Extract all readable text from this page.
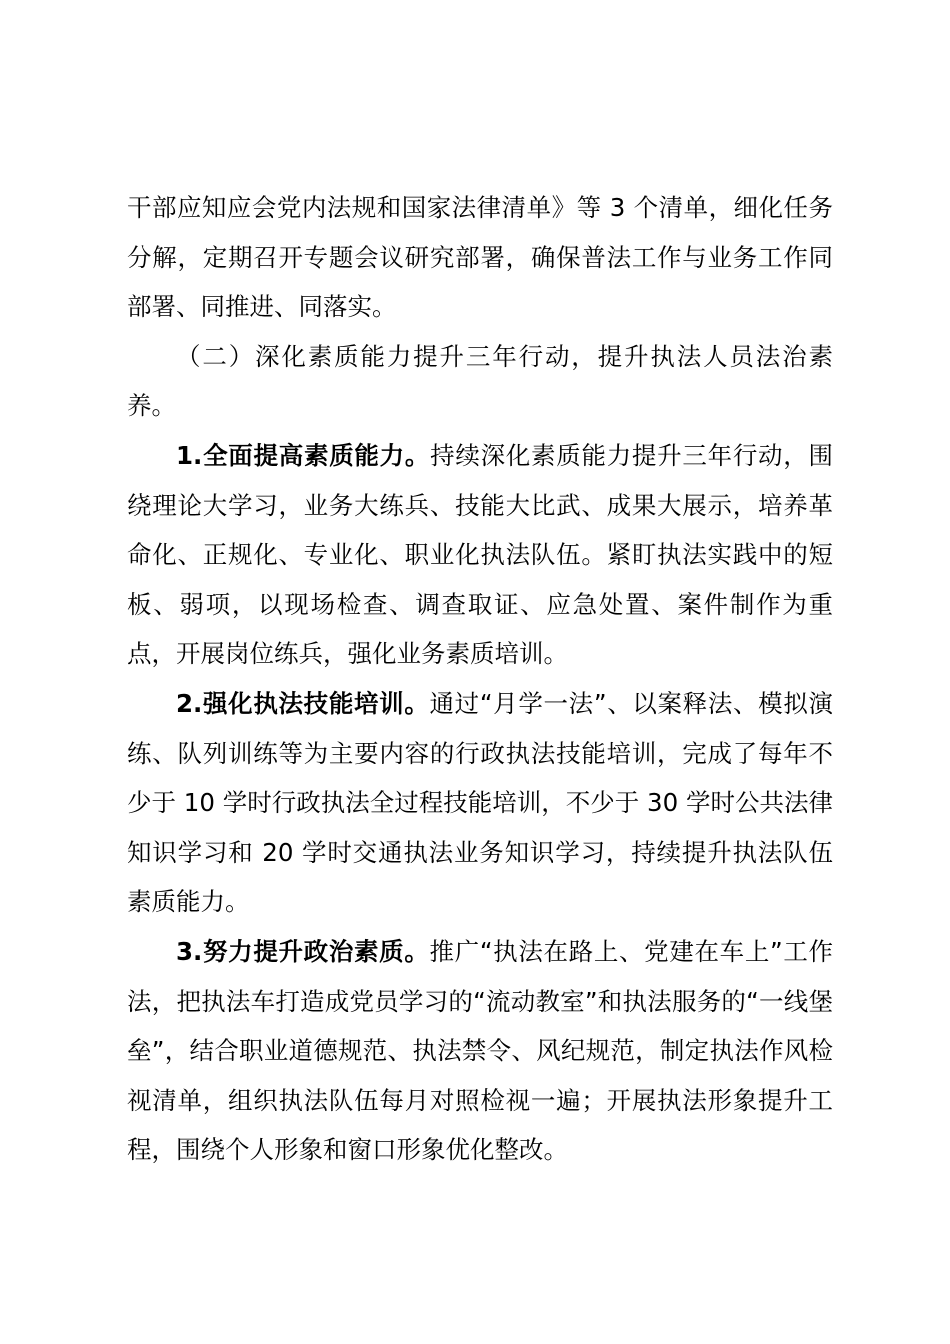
干部应知应会党内法规和国家法律清单》等 3 个清单，细化任务分解，定期召开专题会议研究部署，确保普法工作与业务工作同部署、同推进、同落实。

（二）深化素质能力提升三年行动，提升执法人员法治素养。

1.全面提高素质能力。持续深化素质能力提升三年行动，围绕理论大学习，业务大练兵、技能大比武、成果大展示，培养革命化、正规化、专业化、职业化执法队伍。紧盯执法实践中的短板、弱项，以现场检查、调查取证、应急处置、案件制作为重点，开展岗位练兵，强化业务素质培训。

2.强化执法技能培训。通过“月学一法”、以案释法、模拟演练、队列训练等为主要内容的行政执法技能培训，完成了每年不少于 10 学时行政执法全过程技能培训，不少于 30 学时公共法律知识学习和 20 学时交通执法业务知识学习，持续提升执法队伍素质能力。

3.努力提升政治素质。推广“执法在路上、党建在车上”工作法，把执法车打造成党员学习的“流动教室”和执法服务的“一线堡垒”，结合职业道德规范、执法禁令、风纪规范，制定执法作风检视清单，组织执法队伍每月对照检视一遍；开展执法形象提升工程，围绕个人形象和窗口形象优化整改。
